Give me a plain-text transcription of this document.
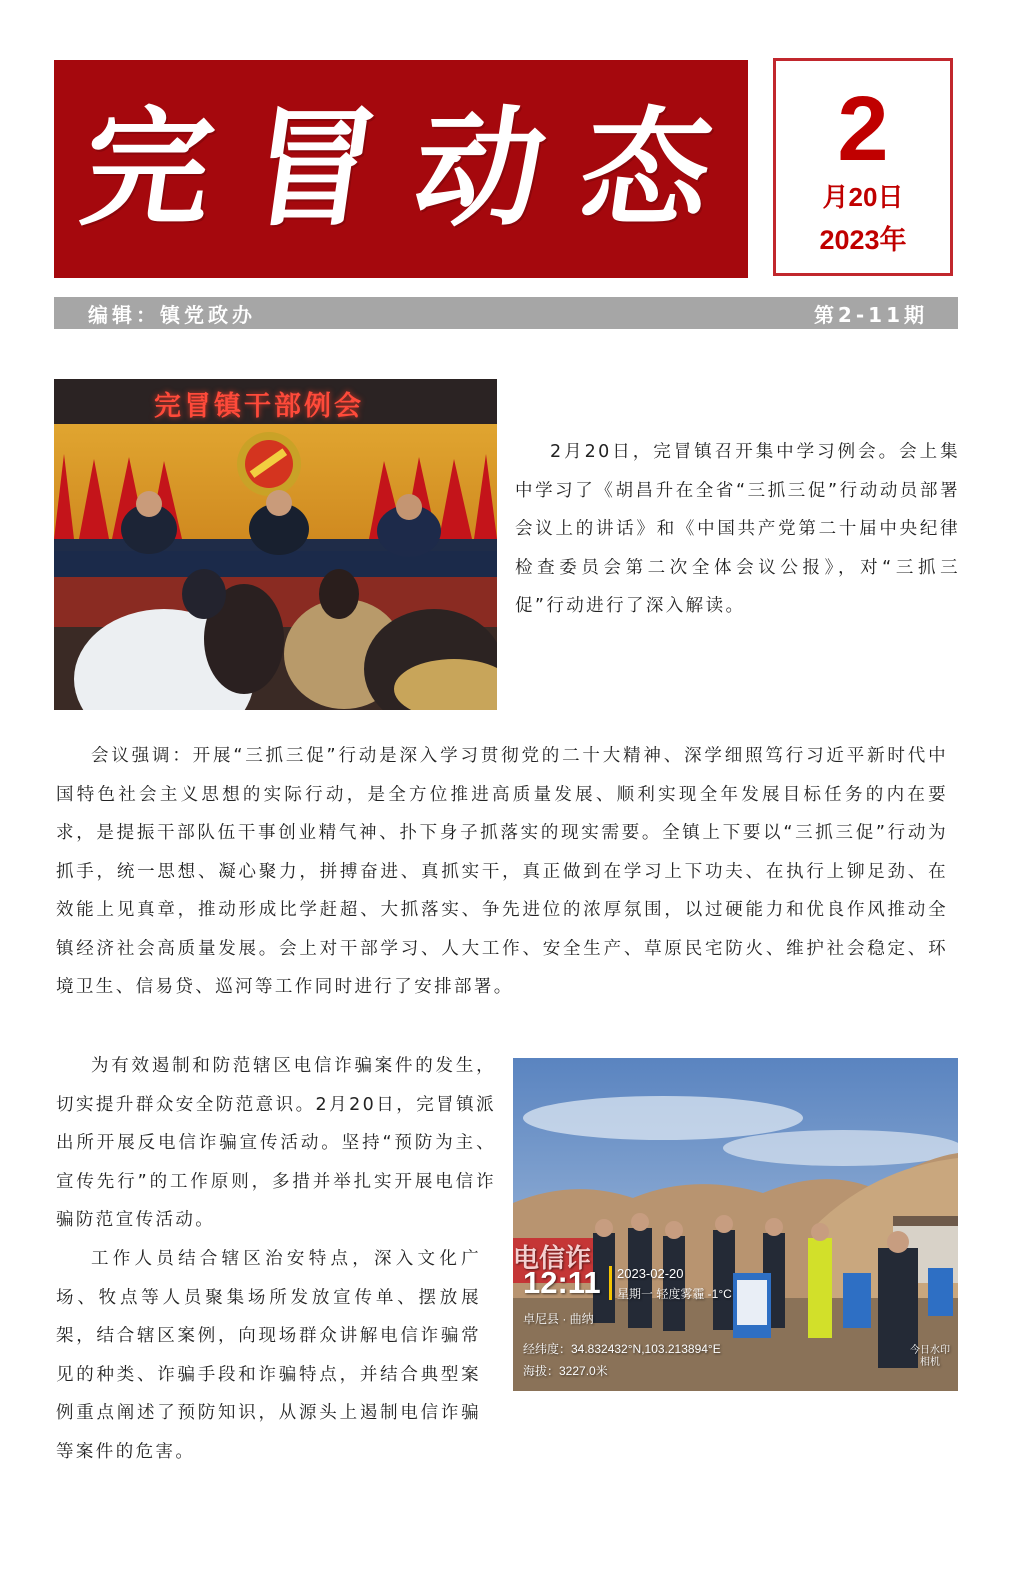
完冒动态 2
月20日
2023年
编辑：镇党政办	第2-11期
完冒镇干部例会

2月20日，完冒镇召开集中学习例会。会上集中学习了《胡昌升在全省“三抓三促”行动动员部署会议上的讲话》和《中国共产党第二十届中央纪律检查委员会第二次全体会议公报》，对“三抓三促”行动进行了深入解读。

会议强调：开展“三抓三促”行动是深入学习贯彻党的二十大精神、深学细照笃行习近平新时代中国特色社会主义思想的实际行动，是全方位推进高质量发展、顺利实现全年发展目标任务的内在要求，是提振干部队伍干事创业精气神、扑下身子抓落实的现实需要。全镇上下要以“三抓三促”行动为抓手，统一思想、凝心聚力，拼搏奋进、真抓实干，真正做到在学习上下功夫、在执行上铆足劲、在效能上见真章，推动形成比学赶超、大抓落实、争先进位的浓厚氛围，以过硬能力和优良作风推动全镇经济社会高质量发展。会上对干部学习、人大工作、安全生产、草原民宅防火、维护社会稳定、环境卫生、信易贷、巡河等工作同时进行了安排部署。

为有效遏制和防范辖区电信诈骗案件的发生，切实提升群众安全防范意识。2月20日，完冒镇派出所开展反电信诈骗宣传活动。坚持“预防为主、宣传先行”的工作原则，多措并举扎实开展电信诈骗防范宣传活动。

工作人员结合辖区治安特点，深入文化广场、牧点等人员聚集场所发放宣传单、摆放展架，结合辖区案例，向现场群众讲解电信诈骗常见的种类、诈骗手段和诈骗特点，并结合典型案例重点阐述了预防知识，从源头上遏制电信诈骗等案件的危害。

电信诈
12:11 2023-02-20
星期一 轻度雾霾 -1°C
卓尼县 · 曲纳
经纬度：34.832432°N,103.213894°E
海拔：3227.0米
今日水印 相机
